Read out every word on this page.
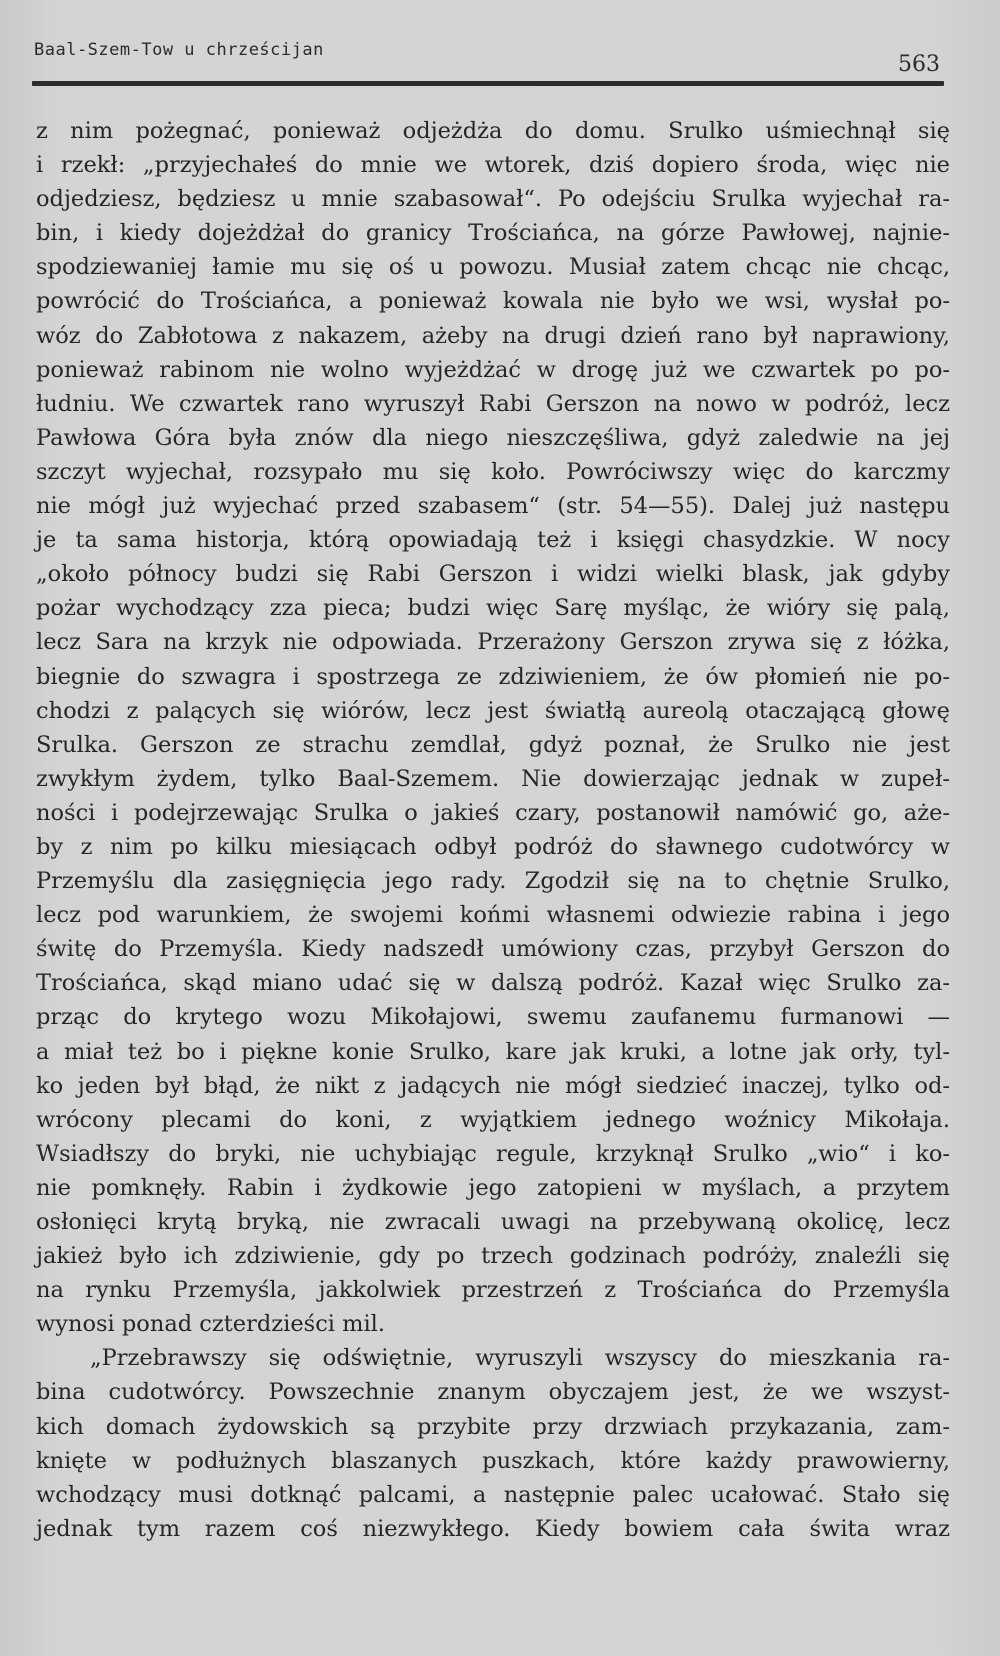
Baal-Szem-Tow u chrześcijan
563
z nim pożegnać, ponieważ odjeżdża do domu. Srulko uśmiechnął się
i rzekł: „przyjechałeś do mnie we wtorek, dziś dopiero środa, więc nie
odjedziesz, będziesz u mnie szabasował“. Po odejściu Srulka wyjechał ra-
bin, i kiedy dojeżdżał do granicy Trościańca, na górze Pawłowej, najnie-
spodziewaniej łamie mu się oś u powozu. Musiał zatem chcąc nie chcąc,
powrócić do Trościańca, a ponieważ kowala nie było we wsi, wysłał po-
wóz do Zabłotowa z nakazem, ażeby na drugi dzień rano był naprawiony,
ponieważ rabinom nie wolno wyjeżdżać w drogę już we czwartek po po-
łudniu. We czwartek rano wyruszył Rabi Gerszon na nowo w podróż, lecz
Pawłowa Góra była znów dla niego nieszczęśliwa, gdyż zaledwie na jej
szczyt wyjechał, rozsypało mu się koło. Powróciwszy więc do karczmy
nie mógł już wyjechać przed szabasem“ (str. 54—55). Dalej już następu
je ta sama historja, którą opowiadają też i księgi chasydzkie. W nocy
„około północy budzi się Rabi Gerszon i widzi wielki blask, jak gdyby
pożar wychodzący zza pieca; budzi więc Sarę myśląc, że wióry się palą,
lecz Sara na krzyk nie odpowiada. Przerażony Gerszon zrywa się z łóżka,
biegnie do szwagra i spostrzega ze zdziwieniem, że ów płomień nie po-
chodzi z palących się wiórów, lecz jest światłą aureolą otaczającą głowę
Srulka. Gerszon ze strachu zemdlał, gdyż poznał, że Srulko nie jest
zwykłym żydem, tylko Baal-Szemem. Nie dowierzając jednak w zupeł-
ności i podejrzewając Srulka o jakieś czary, postanowił namówić go, aże-
by z nim po kilku miesiącach odbył podróż do sławnego cudotwórcy w
Przemyślu dla zasięgnięcia jego rady. Zgodził się na to chętnie Srulko,
lecz pod warunkiem, że swojemi końmi własnemi odwiezie rabina i jego
świtę do Przemyśla. Kiedy nadszedł umówiony czas, przybył Gerszon do
Trościańca, skąd miano udać się w dalszą podróż. Kazał więc Srulko za-
prząc do krytego wozu Mikołajowi, swemu zaufanemu furmanowi —
a miał też bo i piękne konie Srulko, kare jak kruki, a lotne jak orły, tyl-
ko jeden był błąd, że nikt z jadących nie mógł siedzieć inaczej, tylko od-
wrócony plecami do koni, z wyjątkiem jednego woźnicy Mikołaja.
Wsiadłszy do bryki, nie uchybiając regule, krzyknął Srulko „wio“ i ko-
nie pomknęły. Rabin i żydkowie jego zatopieni w myślach, a przytem
osłonięci krytą bryką, nie zwracali uwagi na przebywaną okolicę, lecz
jakież było ich zdziwienie, gdy po trzech godzinach podróży, znaleźli się
na rynku Przemyśla, jakkolwiek przestrzeń z Trościańca do Przemyśla
wynosi ponad czterdzieści mil.
„Przebrawszy się odświętnie, wyruszyli wszyscy do mieszkania ra-
bina cudotwórcy. Powszechnie znanym obyczajem jest, że we wszyst-
kich domach żydowskich są przybite przy drzwiach przykazania, zam-
knięte w podłużnych blaszanych puszkach, które każdy prawowierny,
wchodzący musi dotknąć palcami, a następnie palec ucałować. Stało się
jednak tym razem coś niezwykłego. Kiedy bowiem cała świta wraz
